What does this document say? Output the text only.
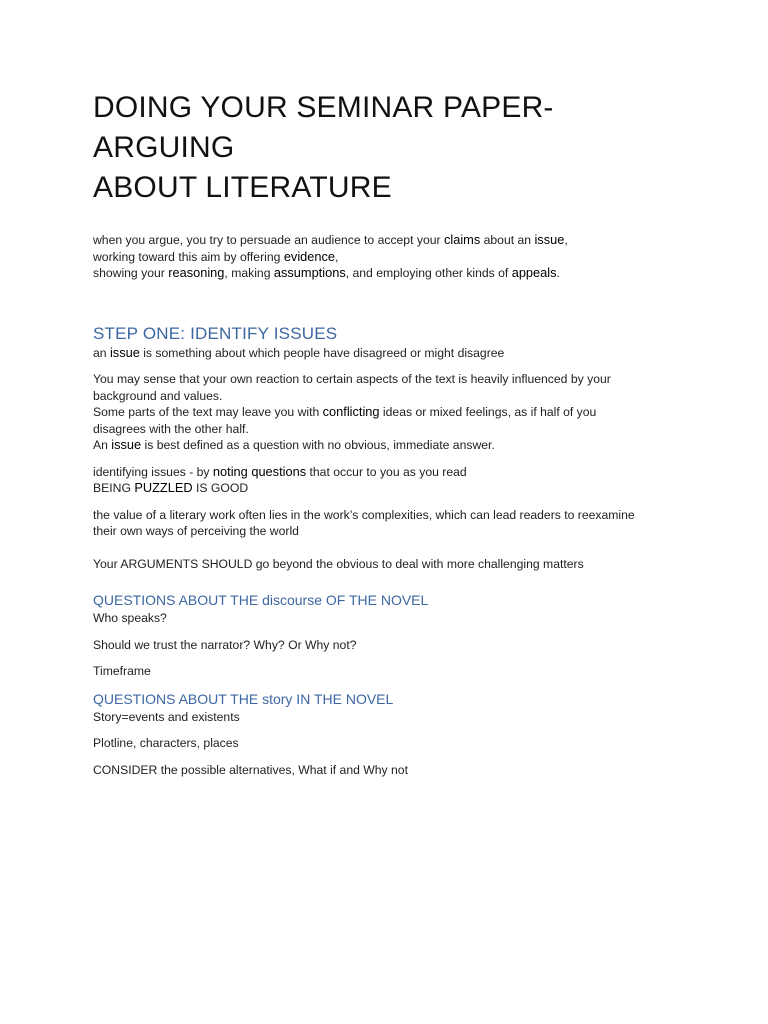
DOING YOUR SEMINAR PAPER- ARGUING
ABOUT LITERATURE

when you argue, you try to persuade an audience to accept your claims about an issue,

working toward this aim by offering evidence,

showing your reasoning, making assumptions, and employing other kinds of appeals.

STEP ONE: IDENTIFY ISSUES

an issue is something about which people have disagreed or might disagree

You may sense that your own reaction to certain aspects of the text is heavily influenced by your

background and values.

Some parts of the text may leave you with conflicting ideas or mixed feelings, as if half of you

disagrees with the other half.

An issue is best defined as a question with no obvious, immediate answer.

identifying issues - by noting questions that occur to you as you read

BEING PUZZLED IS GOOD

the value of a literary work often lies in the work’s complexities, which can lead readers to reexamine

their own ways of perceiving the world

Your ARGUMENTS SHOULD go beyond the obvious to deal with more challenging matters

QUESTIONS ABOUT THE discourse OF THE NOVEL

Who speaks?

Should we trust the narrator? Why? Or Why not?

Timeframe

QUESTIONS ABOUT THE story IN THE NOVEL

Story=events and existents

Plotline, characters, places

CONSIDER the possible alternatives, What if and Why not
